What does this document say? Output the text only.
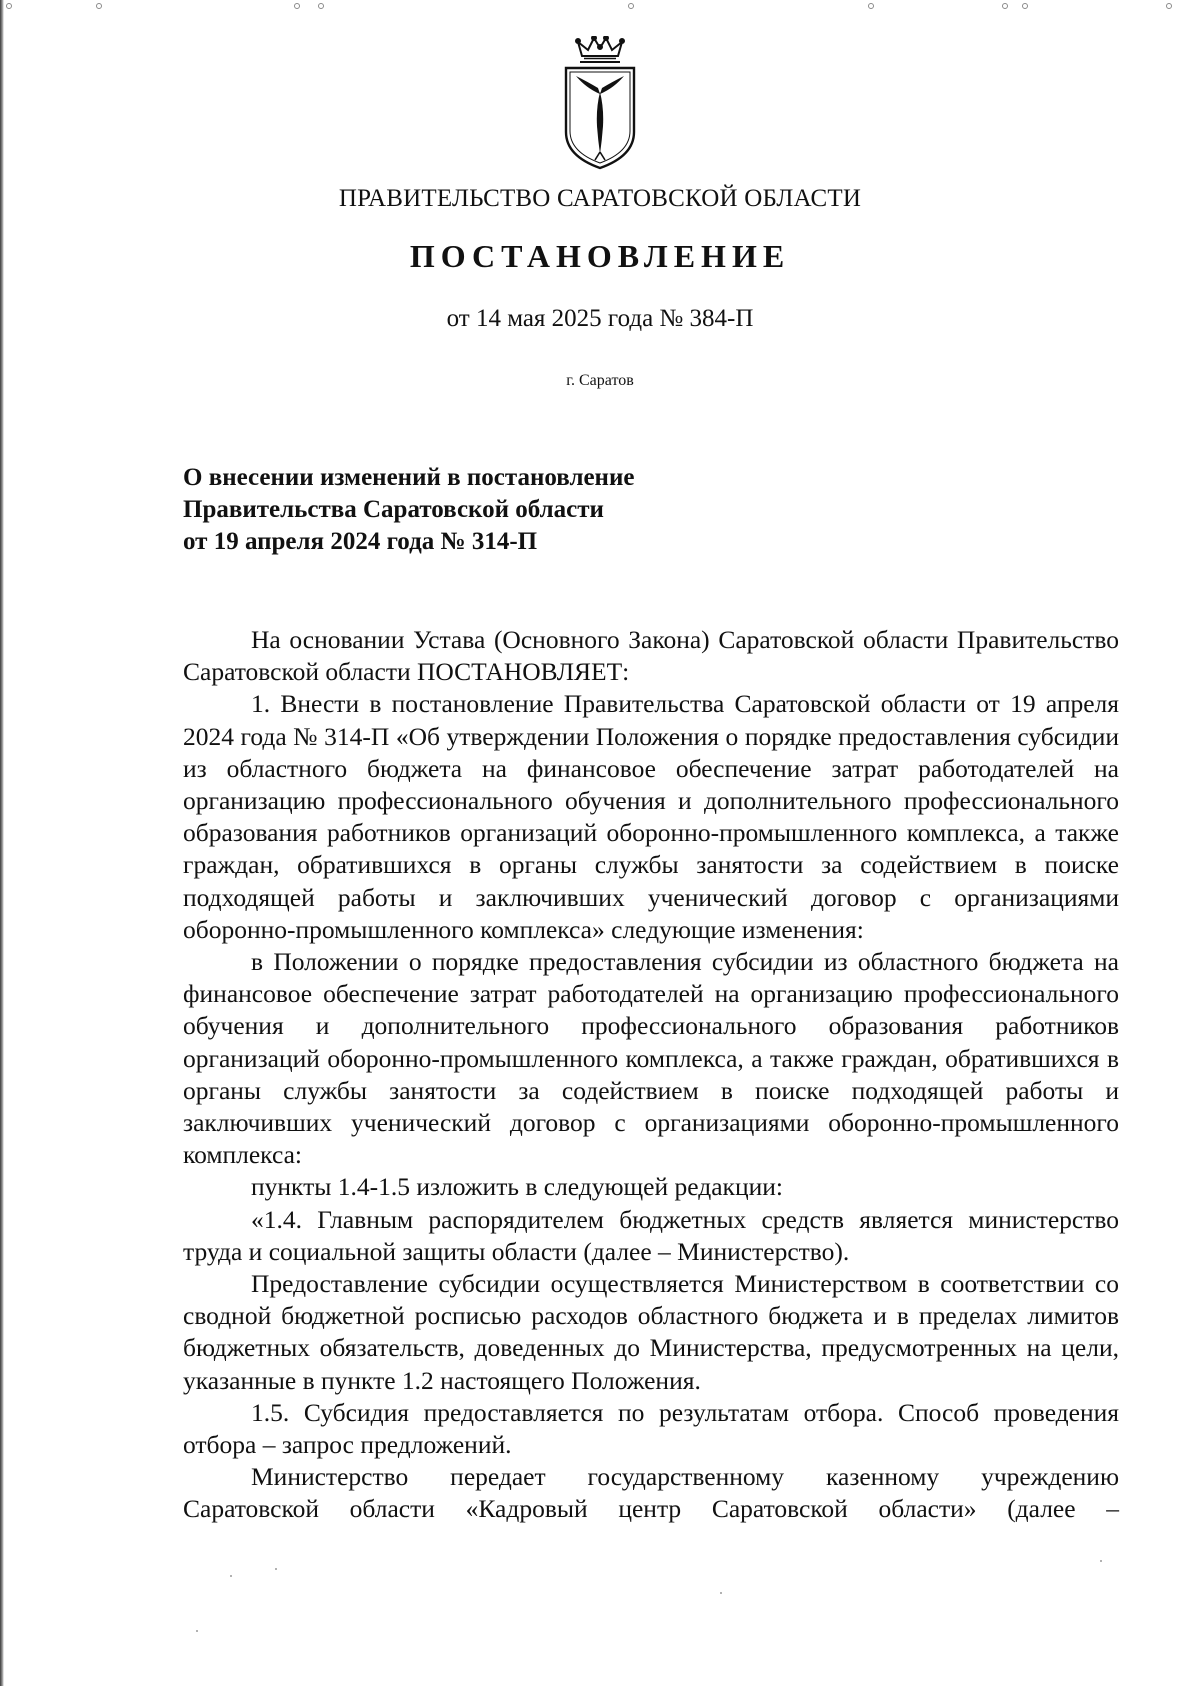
ПРАВИТЕЛЬСТВО САРАТОВСКОЙ ОБЛАСТИ
ПОСТАНОВЛЕНИЕ
от 14 мая 2025 года № 384-П
г. Саратов
О внесении изменений в постановление
Правительства Саратовской области
от 19 апреля 2024 года № 314-П

На основании Устава (Основного Закона) Саратовской области Правительство Саратовской области ПОСТАНОВЛЯЕТ:

1. Внести в постановление Правительства Саратовской области от 19 апреля 2024 года № 314-П «Об утверждении Положения о порядке предоставления субсидии из областного бюджета на финансовое обеспечение затрат работодателей на организацию профессионального обучения и дополнительного профессионального образования работников организаций оборонно-промышленного комплекса, а также граждан, обратившихся в органы службы занятости за содействием в поиске подходящей работы и заключивших ученический договор с организациями оборонно-промышленного комплекса» следующие изменения:

в Положении о порядке предоставления субсидии из областного бюджета на финансовое обеспечение затрат работодателей на организацию профессионального обучения и дополнительного профессионального образования работников организаций оборонно-промышленного комплекса, а также граждан, обратившихся в органы службы занятости за содействием в поиске подходящей работы и заключивших ученический договор с организациями оборонно-промышленного комплекса:

пункты 1.4-1.5 изложить в следующей редакции:

«1.4. Главным распорядителем бюджетных средств является министерство труда и социальной защиты области (далее – Министерство).

Предоставление субсидии осуществляется Министерством в соответствии со сводной бюджетной росписью расходов областного бюджета и в пределах лимитов бюджетных обязательств, доведенных до Министерства, предусмотренных на цели, указанные в пункте 1.2 настоящего Положения.

1.5. Субсидия предоставляется по результатам отбора. Способ проведения отбора – запрос предложений.

Министерство передает государственному казенному учреждению Саратовской области «Кадровый центр Саратовской области» (далее –
